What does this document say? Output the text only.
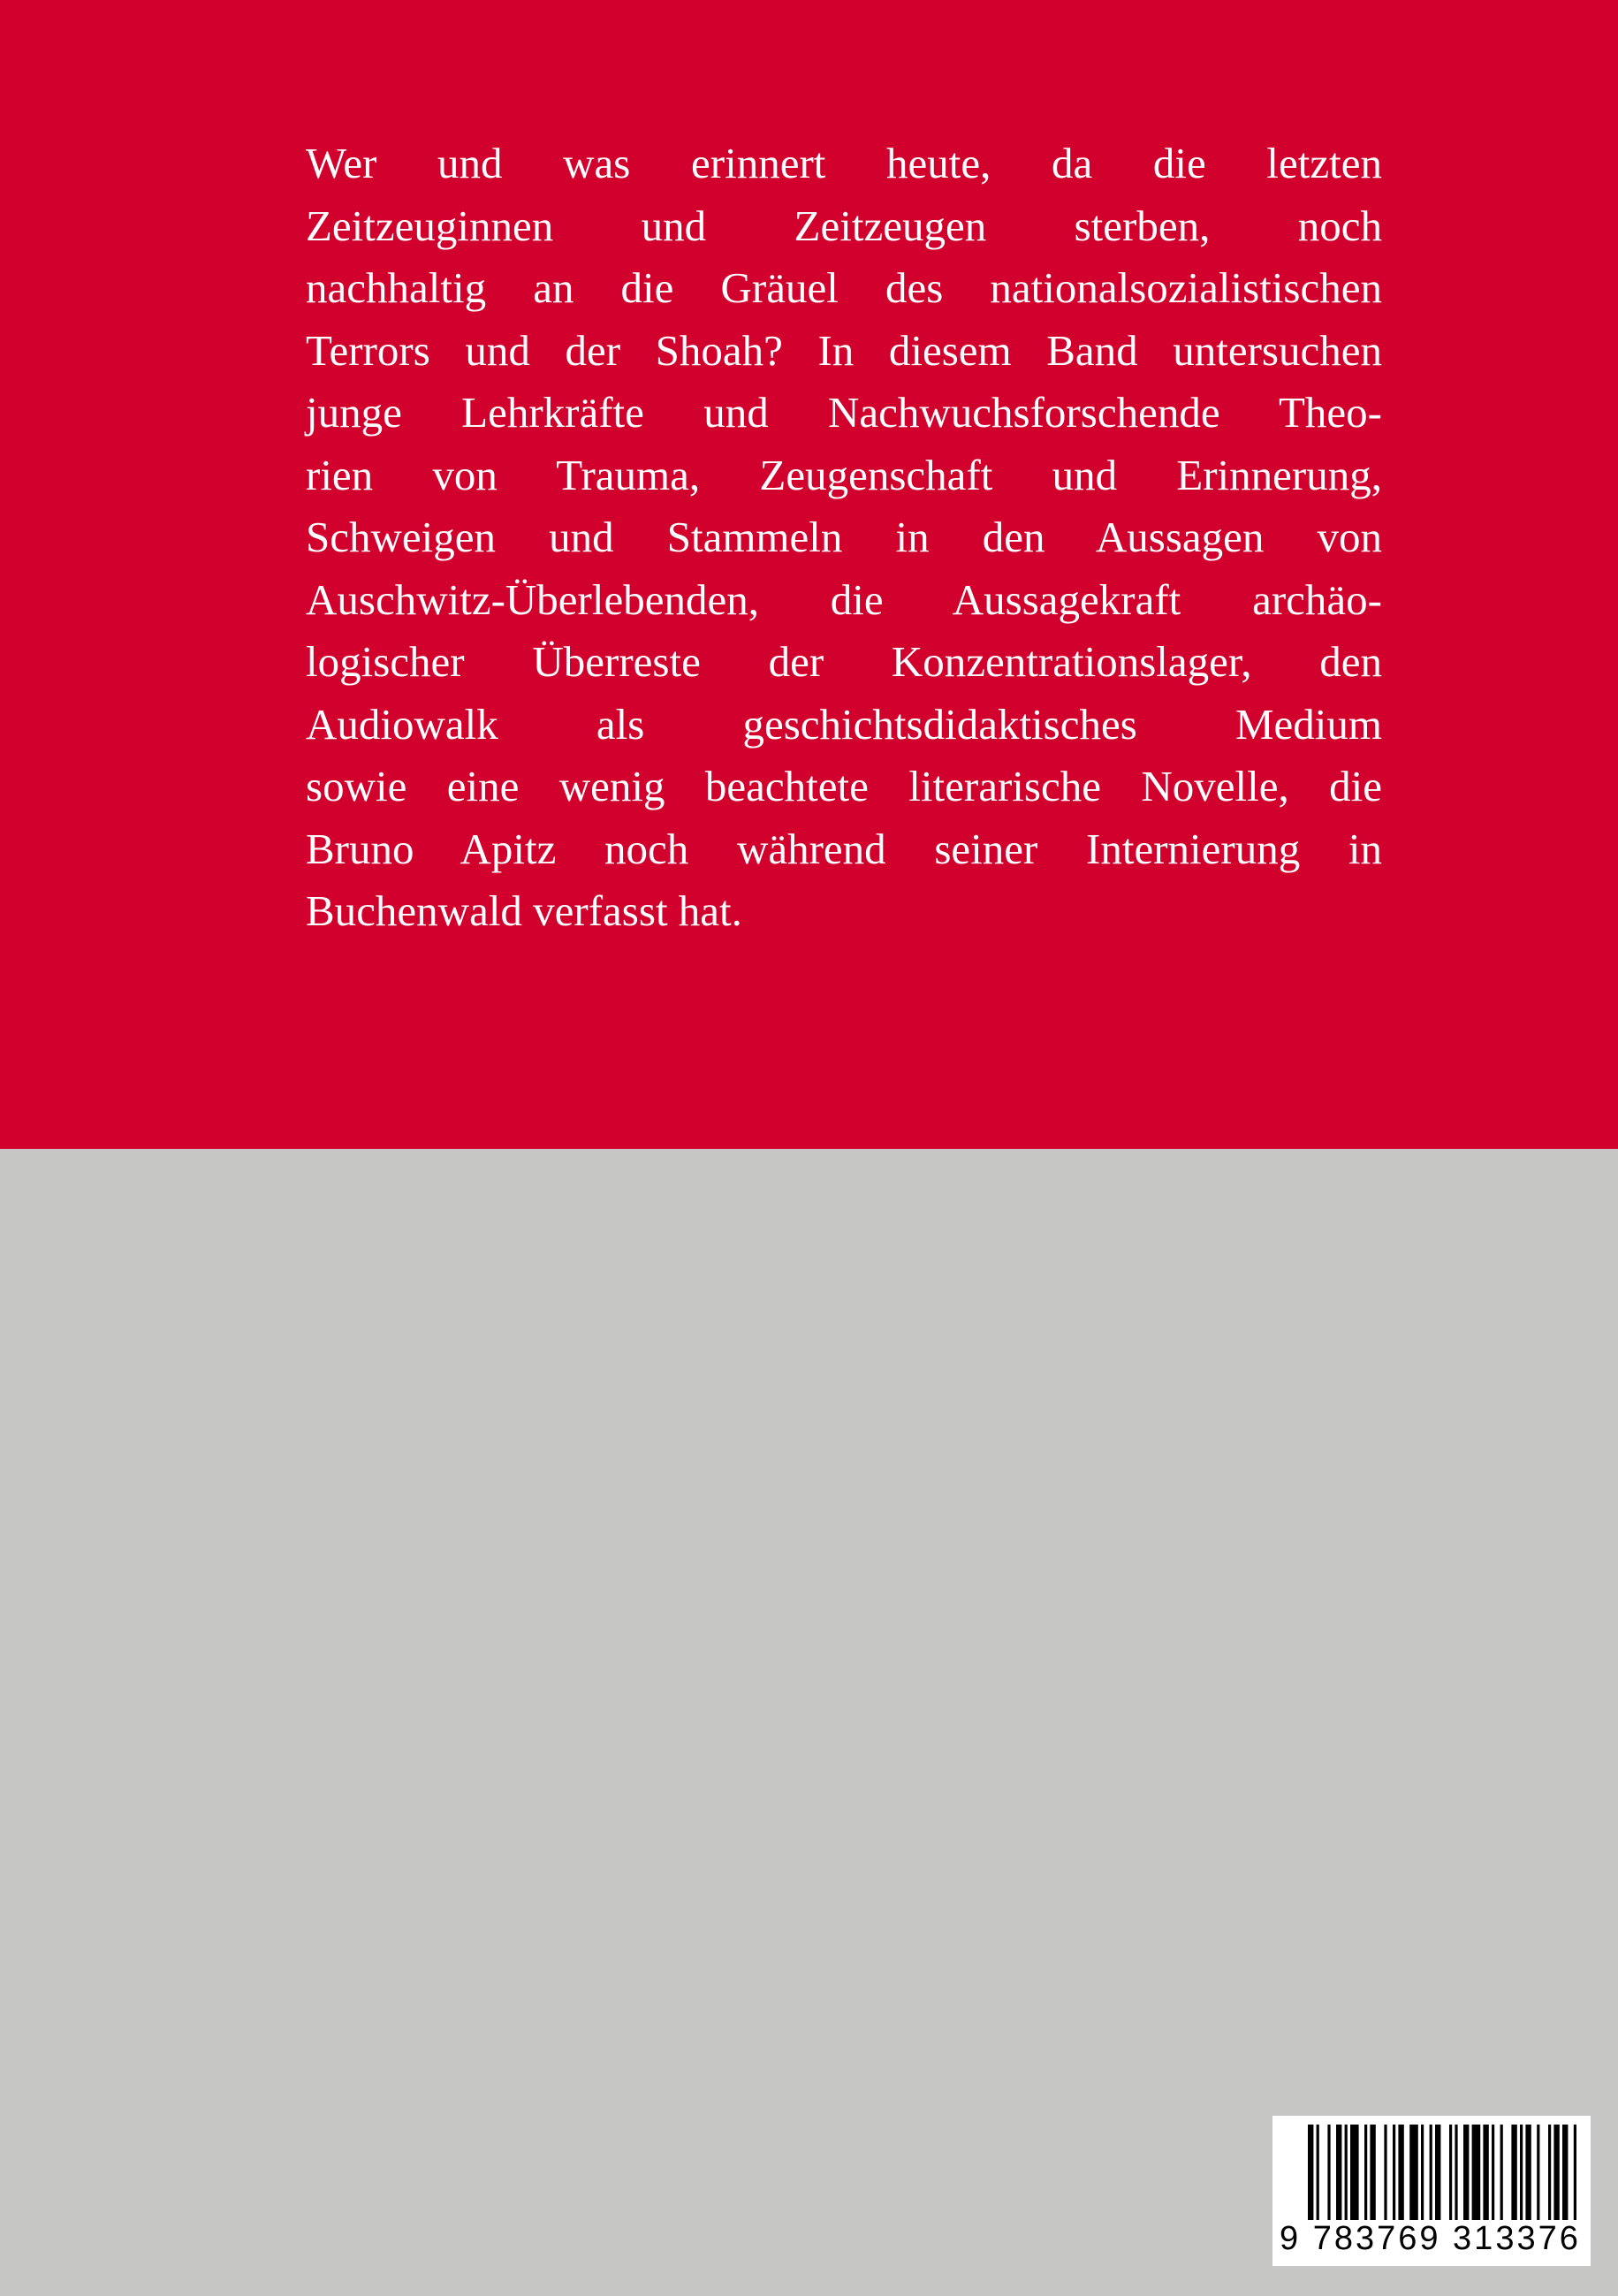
Wer und was erinnert heute, da die letzten
Zeitzeuginnen und Zeitzeugen sterben, noch
nachhaltig an die Gräuel des nationalsozialistischen
Terrors und der Shoah? In diesem Band untersuchen
junge Lehrkräfte und Nachwuchsforschende Theo-
rien von Trauma, Zeugenschaft und Erinnerung,
Schweigen und Stammeln in den Aussagen von
Auschwitz-Überlebenden, die Aussagekraft archäo-
logischer Überreste der Konzentrationslager, den
Audiowalk als geschichtsdidaktisches Medium
sowie eine wenig beachtete literarische Novelle, die
Bruno Apitz noch während seiner Internierung in
Buchenwald verfasst hat.
9 783769 313376
